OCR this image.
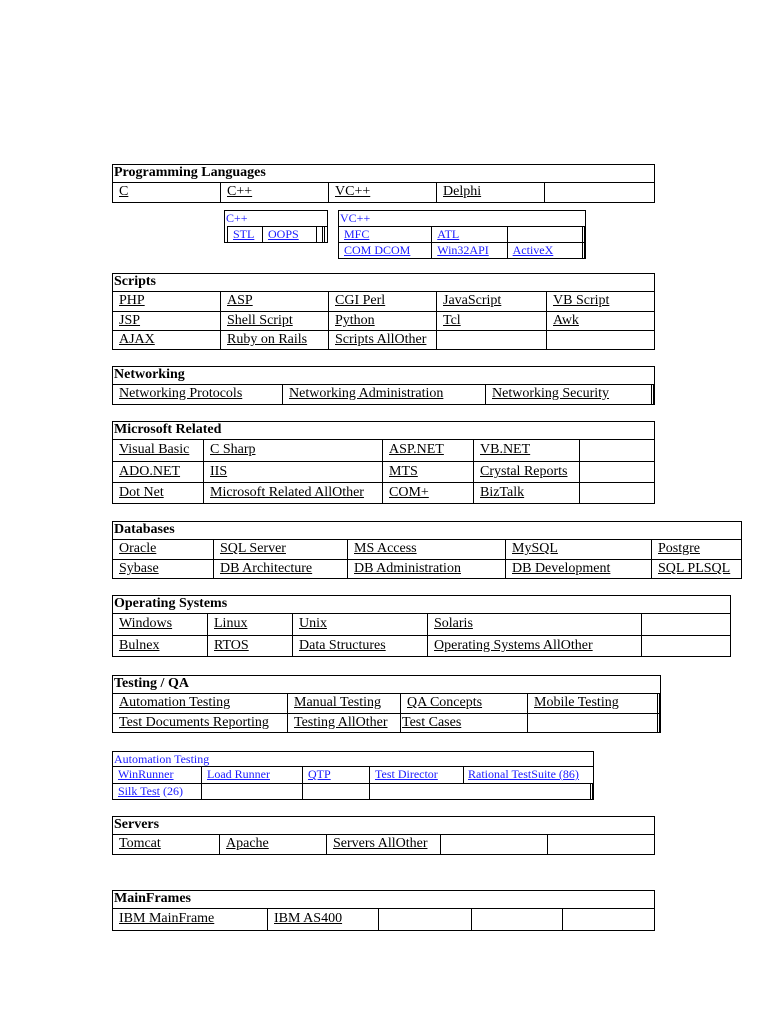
Programming Languages
C	C++	VC++	Delphi
C++
STL	OOPS
VC++
MFC	ATL
COM DCOM	Win32API	ActiveX
Scripts
PHP	ASP	CGI Perl	JavaScript	VB Script
JSP	Shell Script	Python	Tcl	Awk
AJAX	Ruby on Rails	Scripts AllOther
Networking
Networking Protocols	Networking Administration	Networking Security
Microsoft Related
Visual Basic	C Sharp	ASP.NET	VB.NET
ADO.NET	IIS	MTS	Crystal Reports
Dot Net	Microsoft Related AllOther	COM+	BizTalk
Databases
Oracle	SQL Server	MS Access	MySQL	Postgre
Sybase	DB Architecture	DB Administration	DB Development	SQL PLSQL
Operating Systems
Windows	Linux	Unix	Solaris
Bulnex	RTOS	Data Structures	Operating Systems AllOther
Testing / QA
Automation Testing	Manual Testing	QA Concepts	Mobile Testing
Test Documents Reporting	Testing AllOther	Test Cases
Automation Testing
WinRunner	Load Runner	QTP	Test Director	Rational TestSuite (86)
Silk Test (26)
Servers
Tomcat	Apache	Servers AllOther
MainFrames
IBM MainFrame	IBM AS400
